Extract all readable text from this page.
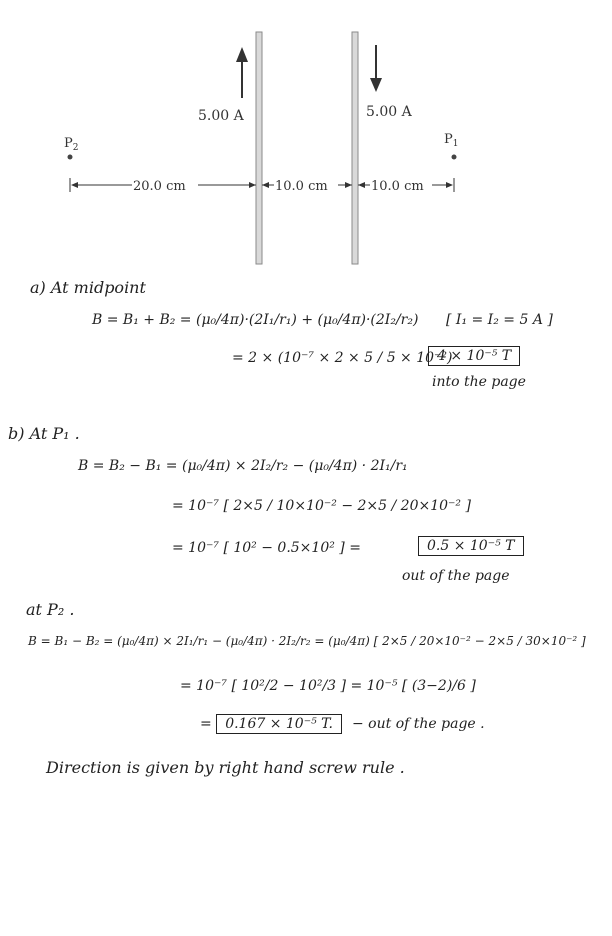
5.00 A	5.00 A
$P_2$
$P_1$
20.0 cm	10.0 cm	10.0 cm
a) At midpoint
B = B₁ + B₂ = (μ₀/4π)·(2I₁/r₁) + (μ₀/4π)·(2I₂/r₂) [ I₁ = I₂ = 5 A ]
= 2 × (10⁻⁷ × 2 × 5 / 5 × 10⁻²)
4 × 10⁻⁵ T
into the page
b) At P₁ .
B = B₂ − B₁ = (μ₀/4π) × 2I₂/r₂ − (μ₀/4π) · 2I₁/r₁
= 10⁻⁷ [ 2×5 / 10×10⁻² − 2×5 / 20×10⁻² ]
= 10⁻⁷ [ 10² − 0.5×10² ] =	0.5 × 10⁻⁵ T
out of the page
at P₂ .
B = B₁ − B₂ = (μ₀/4π) × 2I₁/r₁ − (μ₀/4π) · 2I₂/r₂ = (μ₀/4π) [ 2×5 / 20×10⁻² − 2×5 / 30×10⁻² ]
= 10⁻⁷ [ 10²/2 − 10²/3 ] = 10⁻⁵ [ (3−2)/6 ]
= 0.167 × 10⁻⁵ T.	− out of the page .
Direction is given by right hand screw rule .
